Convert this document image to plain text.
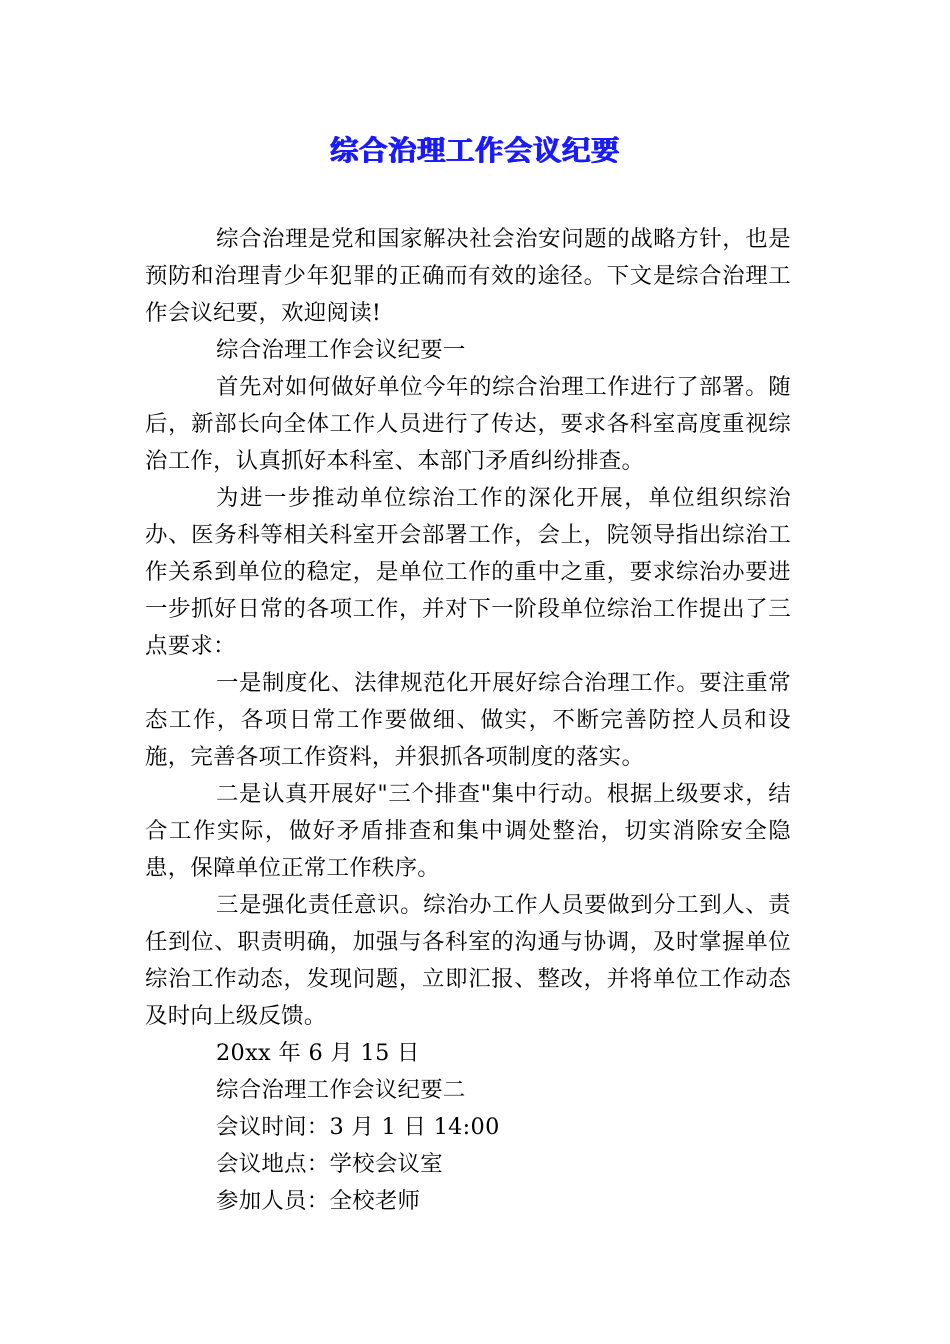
综合治理工作会议纪要

综合治理是党和国家解决社会治安问题的战略方针，也是预防和治理青少年犯罪的正确而有效的途径。下文是综合治理工作会议纪要，欢迎阅读!

综合治理工作会议纪要一

首先对如何做好单位今年的综合治理工作进行了部署。随后，新部长向全体工作人员进行了传达，要求各科室高度重视综治工作，认真抓好本科室、本部门矛盾纠纷排查。

为进一步推动单位综治工作的深化开展，单位组织综治办、医务科等相关科室开会部署工作，会上，院领导指出综治工作关系到单位的稳定，是单位工作的重中之重，要求综治办要进一步抓好日常的各项工作，并对下一阶段单位综治工作提出了三点要求：

一是制度化、法律规范化开展好综合治理工作。要注重常态工作，各项日常工作要做细、做实，不断完善防控人员和设施，完善各项工作资料，并狠抓各项制度的落实。

二是认真开展好"三个排查"集中行动。根据上级要求，结合工作实际，做好矛盾排查和集中调处整治，切实消除安全隐患，保障单位正常工作秩序。

三是强化责任意识。综治办工作人员要做到分工到人、责任到位、职责明确，加强与各科室的沟通与协调，及时掌握单位综治工作动态，发现问题，立即汇报、整改，并将单位工作动态及时向上级反馈。

20xx 年 6 月 15 日

综合治理工作会议纪要二

会议时间：3 月 1 日 14:00

会议地点：学校会议室

参加人员：全校老师
